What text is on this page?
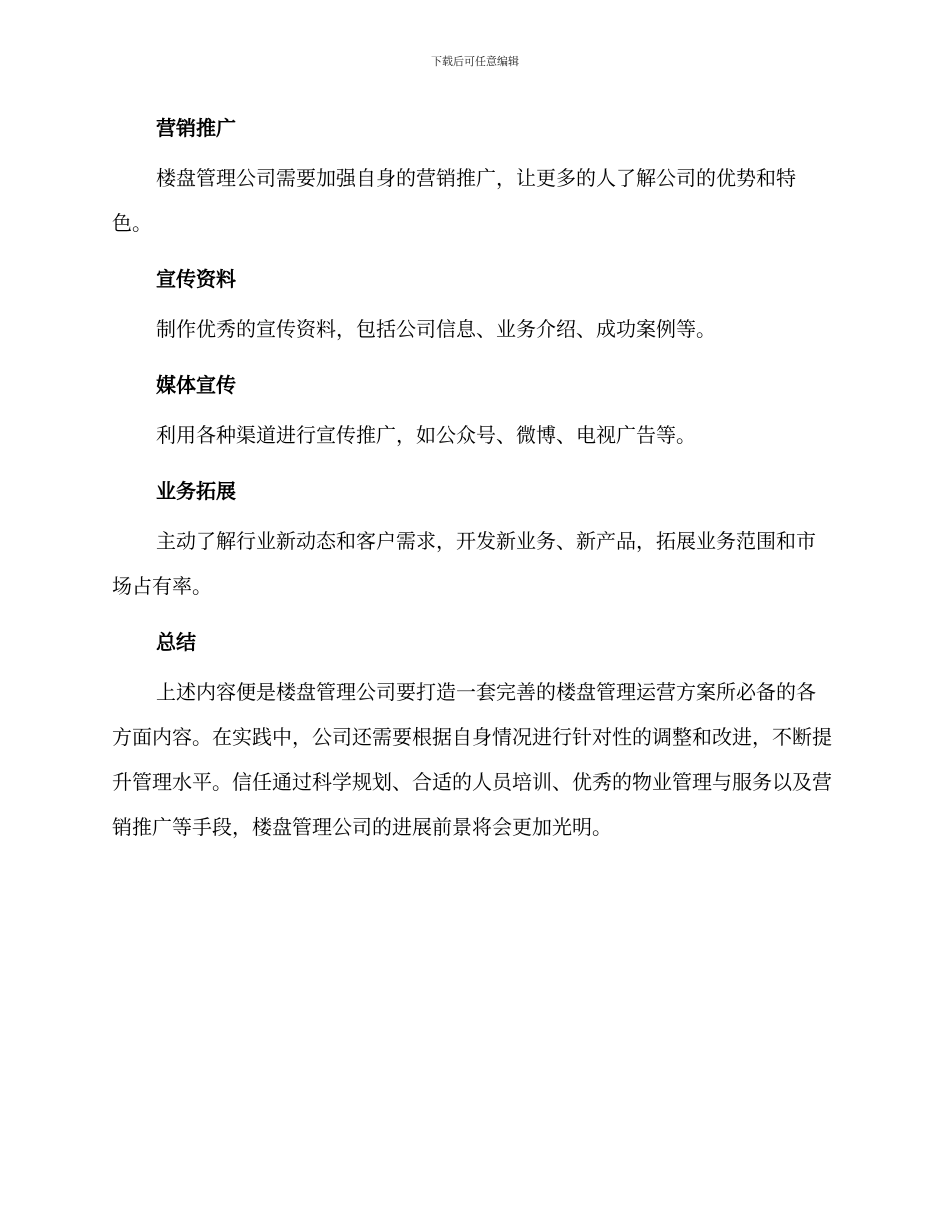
下载后可任意编辑
营销推广

楼盘管理公司需要加强自身的营销推广，让更多的人了解公司的优势和特色。

宣传资料

制作优秀的宣传资料，包括公司信息、业务介绍、成功案例等。

媒体宣传

利用各种渠道进行宣传推广，如公众号、微博、电视广告等。

业务拓展

主动了解行业新动态和客户需求，开发新业务、新产品，拓展业务范围和市场占有率。

总结

上述内容便是楼盘管理公司要打造一套完善的楼盘管理运营方案所必备的各方面内容。在实践中，公司还需要根据自身情况进行针对性的调整和改进，不断提升管理水平。信任通过科学规划、合适的人员培训、优秀的物业管理与服务以及营销推广等手段，楼盘管理公司的进展前景将会更加光明。
